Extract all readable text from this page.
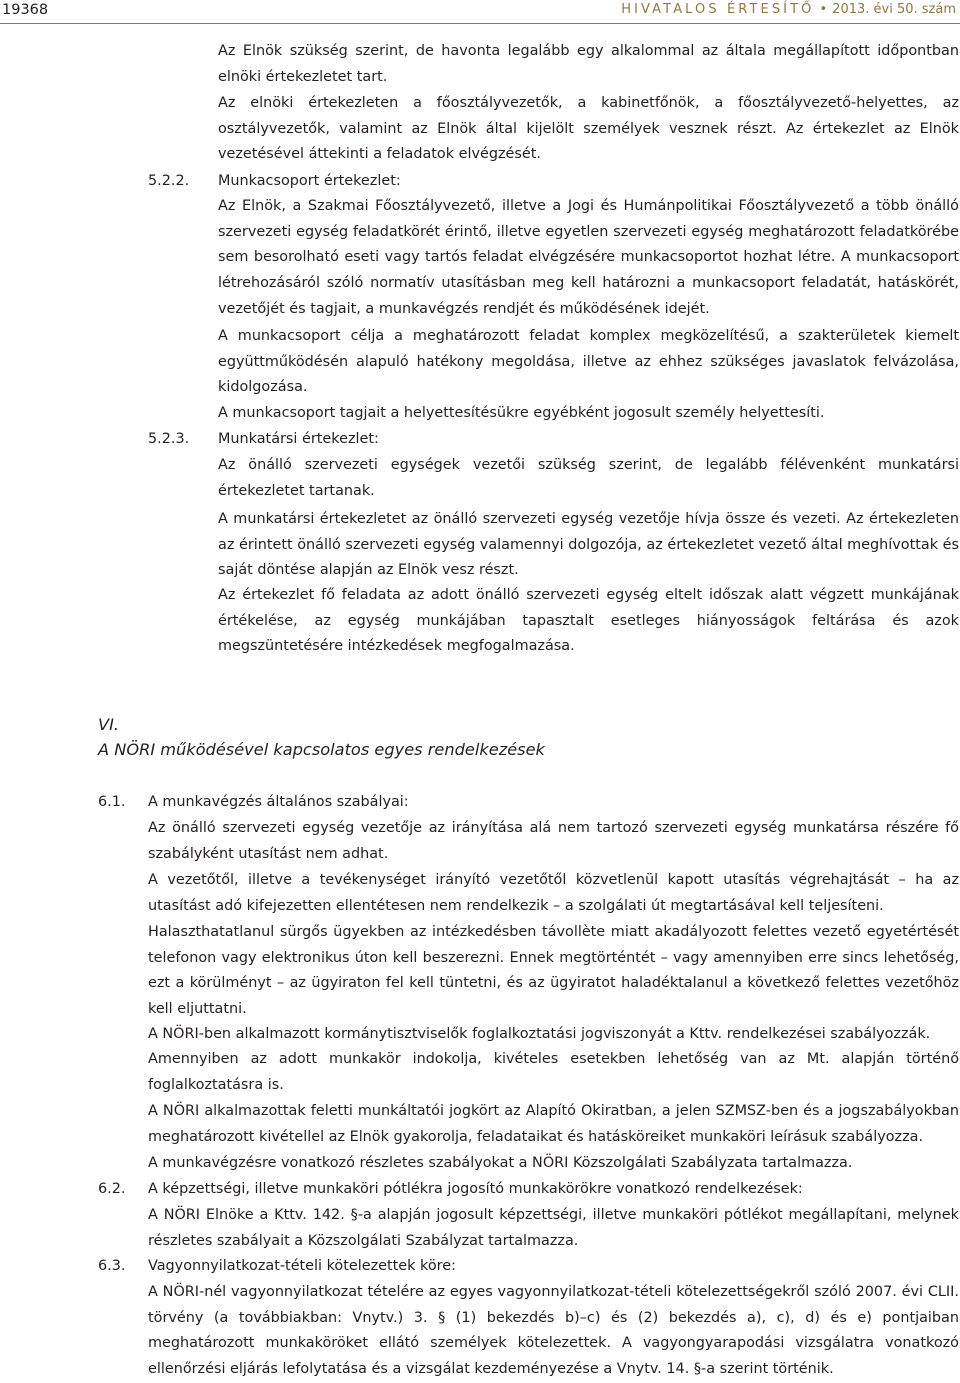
19368	HIVATALOS ÉRTESÍTŐ • 2013. évi 50. szám
Az Elnök szükség szerint, de havonta legalább egy alkalommal az általa megállapított időpontban elnöki értekezletet tart.
Az elnöki értekezleten a főosztályvezetők, a kabinetfőnök, a főosztályvezető-helyettes, az osztályvezetők, valamint az Elnök által kijelölt személyek vesznek részt. Az értekezlet az Elnök vezetésével áttekinti a feladatok elvégzését.
5.2.2. Munkacsoport értekezlet:
Az Elnök, a Szakmai Főosztályvezető, illetve a Jogi és Humánpolitikai Főosztályvezető a több önálló szervezeti egység feladatkörét érintő, illetve egyetlen szervezeti egység meghatározott feladatkörébe sem besorolható eseti vagy tartós feladat elvégzésére munkacsoportot hozhat létre. A munkacsoport létrehozásáról szóló normatív utasításban meg kell határozni a munkacsoport feladatát, hatáskörét, vezetőjét és tagjait, a munkavégzés rendjét és működésének idejét.
A munkacsoport célja a meghatározott feladat komplex megközelítésű, a szakterületek kiemelt együttműködésén alapuló hatékony megoldása, illetve az ehhez szükséges javaslatok felvázolása, kidolgozása.
A munkacsoport tagjait a helyettesítésükre egyébként jogosult személy helyettesíti.
5.2.3. Munkatársi értekezlet:
Az önálló szervezeti egységek vezetői szükség szerint, de legalább félévenként munkatársi értekezletet tartanak.
A munkatársi értekezletet az önálló szervezeti egység vezetője hívja össze és vezeti. Az értekezleten az érintett önálló szervezeti egység valamennyi dolgozója, az értekezletet vezető által meghívottak és saját döntése alapján az Elnök vesz részt.
Az értekezlet fő feladata az adott önálló szervezeti egység eltelt időszak alatt végzett munkájának értékelése, az egység munkájában tapasztalt esetleges hiányosságok feltárása és azok megszüntetésére intézkedések megfogalmazása.
VI.
A NÖRI működésével kapcsolatos egyes rendelkezések
6.1. A munkavégzés általános szabályai:
Az önálló szervezeti egység vezetője az irányítása alá nem tartozó szervezeti egység munkatársa részére fő szabályként utasítást nem adhat.
A vezetőtől, illetve a tevékenységet irányító vezetőtől közvetlenül kapott utasítás végrehajtását – ha az utasítást adó kifejezetten ellentétesen nem rendelkezik – a szolgálati út megtartásával kell teljesíteni.
Halaszthatatlanul sürgős ügyekben az intézkedésben távollète miatt akadályozott felettes vezető egyetértését telefonon vagy elektronikus úton kell beszerezni. Ennek megtörténtét – vagy amennyiben erre sincs lehetőség, ezt a körülményt – az ügyiraton fel kell tüntetni, és az ügyiratot haladéktalanul a következő felettes vezetőhöz kell eljuttatni.
A NÖRI-ben alkalmazott kormánytisztviselők foglalkoztatási jogviszonyát a Kttv. rendelkezései szabályozzák.
Amennyiben az adott munkakör indokolja, kivételes esetekben lehetőség van az Mt. alapján történő foglalkoztatásra is.
A NÖRI alkalmazottak feletti munkáltatói jogkört az Alapító Okiratban, a jelen SZMSZ-ben és a jogszabályokban meghatározott kivétellel az Elnök gyakorolja, feladataikat és hatásköreiket munkaköri leírásuk szabályozza.
A munkavégzésre vonatkozó részletes szabályokat a NÖRI Közszolgálati Szabályzata tartalmazza.
6.2. A képzettségi, illetve munkaköri pótlékra jogosító munkakörökre vonatkozó rendelkezések:
A NÖRI Elnöke a Kttv. 142. §-a alapján jogosult képzettségi, illetve munkaköri pótlékot megállapítani, melynek részletes szabályait a Közszolgálati Szabályzat tartalmazza.
6.3. Vagyonnyilatkozat-tételi kötelezettek köre:
A NÖRI-nél vagyonnyilatkozat tételére az egyes vagyonnyilatkozat-tételi kötelezettségekről szóló 2007. évi CLII. törvény (a továbbiakban: Vnytv.) 3. § (1) bekezdés b)–c) és (2) bekezdés a), c), d) és e) pontjaiban meghatározott munkaköröket ellátó személyek kötelezettek. A vagyongyarapodási vizsgálatra vonatkozó ellenőrzési eljárás lefolytatása és a vizsgálat kezdeményezése a Vnytv. 14. §-a szerint történik.
